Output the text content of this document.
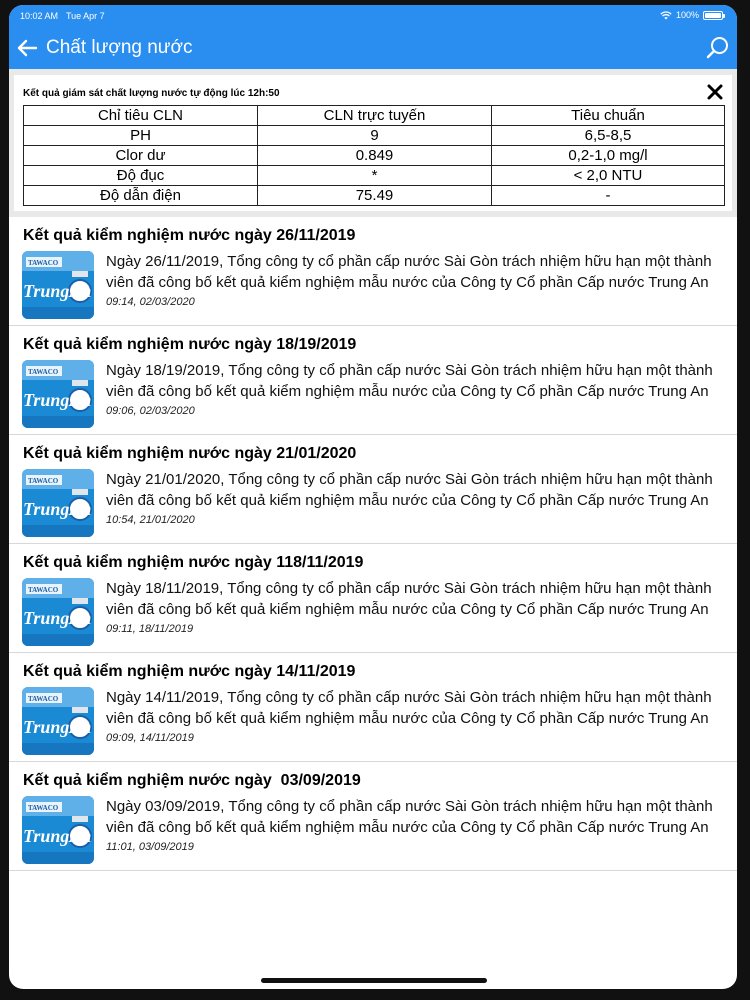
10:02 AM Tue Apr 7	100%
Chất lượng nước
Kết quả giám sát chất lượng nước tự động lúc 12h:50
Chỉ tiêu CLN	CLN trực tuyến	Tiêu chuẩn
PH	9	6,5-8,5
Clor dư	0.849	0,2-1,0 mg/l
Độ đục	*	< 2,0 NTU
Độ dẫn điện	75.49	-
Kết quả kiểm nghiệm nước ngày 26/11/2019
TAWACO
TrungAn
Ngày 26/11/2019, Tổng công ty cổ phần cấp nước Sài Gòn trách nhiệm hữu hạn một thành viên đã công bố kết quả kiểm nghiệm mẫu nước của Công ty Cổ phần Cấp nước Trung An
09:14, 02/03/2020
Kết quả kiểm nghiệm nước ngày 18/19/2019
TAWACO
TrungAn
Ngày 18/19/2019, Tổng công ty cổ phần cấp nước Sài Gòn trách nhiệm hữu hạn một thành viên đã công bố kết quả kiểm nghiệm mẫu nước của Công ty Cổ phần Cấp nước Trung An
09:06, 02/03/2020
Kết quả kiểm nghiệm nước ngày 21/01/2020
TAWACO
TrungAn
Ngày 21/01/2020, Tổng công ty cổ phần cấp nước Sài Gòn trách nhiệm hữu hạn một thành viên đã công bố kết quả kiểm nghiệm mẫu nước của Công ty Cổ phần Cấp nước Trung An
10:54, 21/01/2020
Kết quả kiểm nghiệm nước ngày 118/11/2019
TAWACO
TrungAn
Ngày 18/11/2019, Tổng công ty cổ phần cấp nước Sài Gòn trách nhiệm hữu hạn một thành viên đã công bố kết quả kiểm nghiệm mẫu nước của Công ty Cổ phần Cấp nước Trung An
09:11, 18/11/2019
Kết quả kiểm nghiệm nước ngày 14/11/2019
TAWACO
TrungAn
Ngày 14/11/2019, Tổng công ty cổ phần cấp nước Sài Gòn trách nhiệm hữu hạn một thành viên đã công bố kết quả kiểm nghiệm mẫu nước của Công ty Cổ phần Cấp nước Trung An
09:09, 14/11/2019
Kết quả kiểm nghiệm nước ngày  03/09/2019
TAWACO
TrungAn
Ngày 03/09/2019, Tổng công ty cổ phần cấp nước Sài Gòn trách nhiệm hữu hạn một thành viên đã công bố kết quả kiểm nghiệm mẫu nước của Công ty Cổ phần Cấp nước Trung An
11:01, 03/09/2019
